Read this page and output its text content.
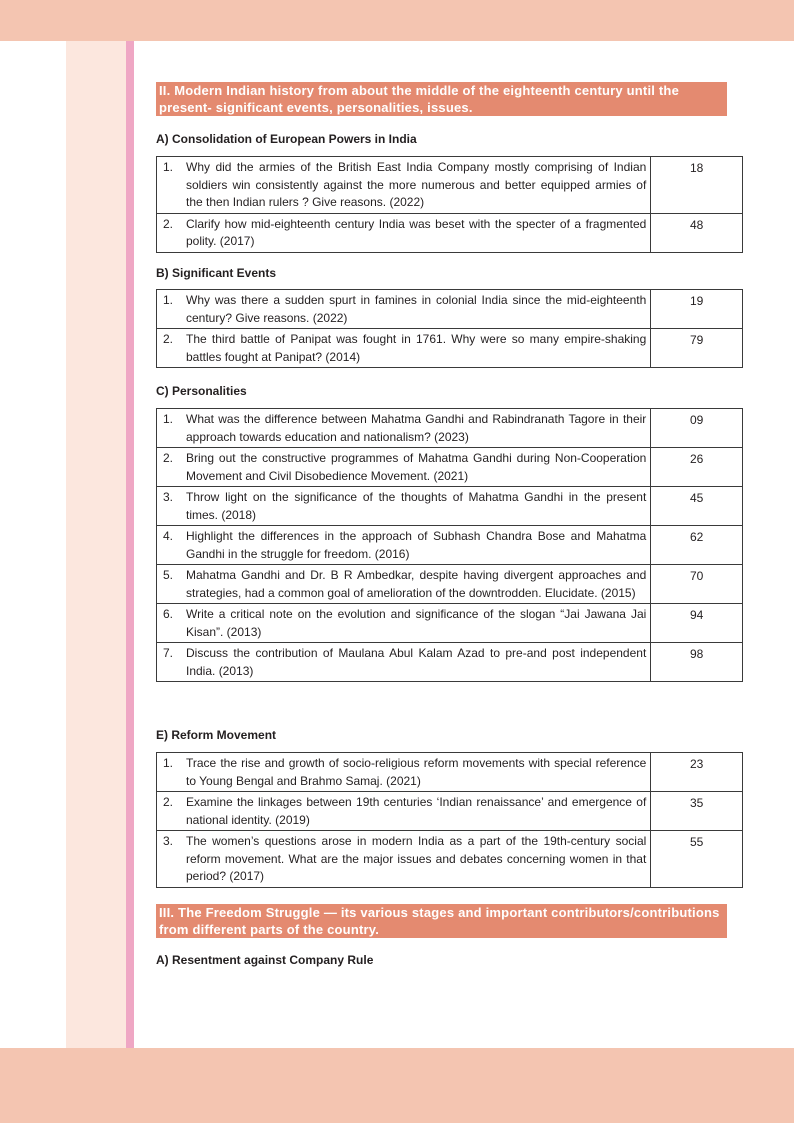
II. Modern Indian history from about the middle of the eighteenth century until the present- significant events, personalities, issues.
A) Consolidation of European Powers in India
1. Why did the armies of the British East India Company mostly comprising of Indian soldiers win consistently against the more numerous and better equipped armies of the then Indian rulers ? Give reasons. (2022)	18

2. Clarify how mid-eighteenth century India was beset with the specter of a fragmented polity. (2017)	48
B) Significant Events
1. Why was there a sudden spurt in famines in colonial India since the mid-eighteenth century? Give reasons. (2022)	19

2. The third battle of Panipat was fought in 1761. Why were so many empire-shaking battles fought at Panipat? (2014)	79
C) Personalities
1. What was the difference between Mahatma Gandhi and Rabindranath Tagore in their approach towards education and nationalism? (2023)	09

2. Bring out the constructive programmes of Mahatma Gandhi during Non-Cooperation Movement and Civil Disobedience Movement. (2021)	26

3. Throw light on the significance of the thoughts of Mahatma Gandhi in the present times. (2018)	45

4. Highlight the differences in the approach of Subhash Chandra Bose and Mahatma Gandhi in the struggle for freedom. (2016)	62

5. Mahatma Gandhi and Dr. B R Ambedkar, despite having divergent approaches and strategies, had a common goal of amelioration of the downtrodden. Elucidate. (2015)	70

6. Write a critical note on the evolution and significance of the slogan “Jai Jawana Jai Kisan”. (2013)	94

7. Discuss the contribution of Maulana Abul Kalam Azad to pre-and post independent India. (2013)	98
E) Reform Movement
1. Trace the rise and growth of socio-religious reform movements with special reference to Young Bengal and Brahmo Samaj. (2021)	23

2. Examine the linkages between 19th centuries ‘Indian renaissance’ and emergence of national identity. (2019)	35

3. The women’s questions arose in modern India as a part of the 19th-century social reform movement. What are the major issues and debates concerning women in that period? (2017)	55
III. The Freedom Struggle — its various stages and important contributors/contributions from different parts of the country.
A) Resentment against Company Rule
